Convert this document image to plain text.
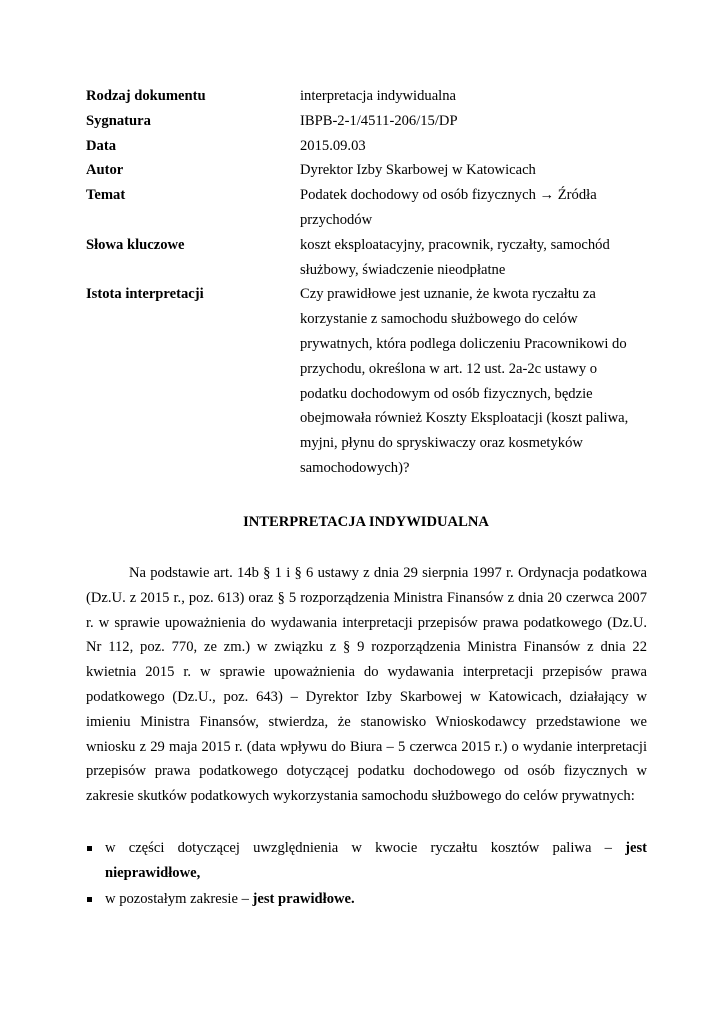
Rodzaj dokumentu	interpretacja indywidualna
Sygnatura	IBPB-2-1/4511-206/15/DP
Data	2015.09.03
Autor	Dyrektor Izby Skarbowej w Katowicach
Temat	Podatek dochodowy od osób fizycznych → Źródła przychodów
Słowa kluczowe	koszt eksploatacyjny, pracownik, ryczałty, samochód służbowy, świadczenie nieodpłatne
Istota interpretacji	Czy prawidłowe jest uznanie, że kwota ryczałtu za korzystanie z samochodu służbowego do celów prywatnych, która podlega doliczeniu Pracownikowi do przychodu, określona w art. 12 ust. 2a-2c ustawy o podatku dochodowym od osób fizycznych, będzie obejmowała również Koszty Eksploatacji (koszt paliwa, myjni, płynu do spryskiwaczy oraz kosmetyków samochodowych)?
INTERPRETACJA INDYWIDUALNA

Na podstawie art. 14b § 1 i § 6 ustawy z dnia 29 sierpnia 1997 r. Ordynacja podatkowa (Dz.U. z 2015 r., poz. 613) oraz § 5 rozporządzenia Ministra Finansów z dnia 20 czerwca 2007 r. w sprawie upoważnienia do wydawania interpretacji przepisów prawa podatkowego (Dz.U. Nr 112, poz. 770, ze zm.) w związku z § 9 rozporządzenia Ministra Finansów z dnia 22 kwietnia 2015 r. w sprawie upoważnienia do wydawania interpretacji przepisów prawa podatkowego (Dz.U., poz. 643) – Dyrektor Izby Skarbowej w Katowicach, działający w imieniu Ministra Finansów, stwierdza, że stanowisko Wnioskodawcy przedstawione we wniosku z 29 maja 2015 r. (data wpływu do Biura – 5 czerwca 2015 r.) o wydanie interpretacji przepisów prawa podatkowego dotyczącej podatku dochodowego od osób fizycznych w zakresie skutków podatkowych wykorzystania samochodu służbowego do celów prywatnych:

w części dotyczącej uwzględnienia w kwocie ryczałtu kosztów paliwa – jest nieprawidłowe,
w pozostałym zakresie – jest prawidłowe.
